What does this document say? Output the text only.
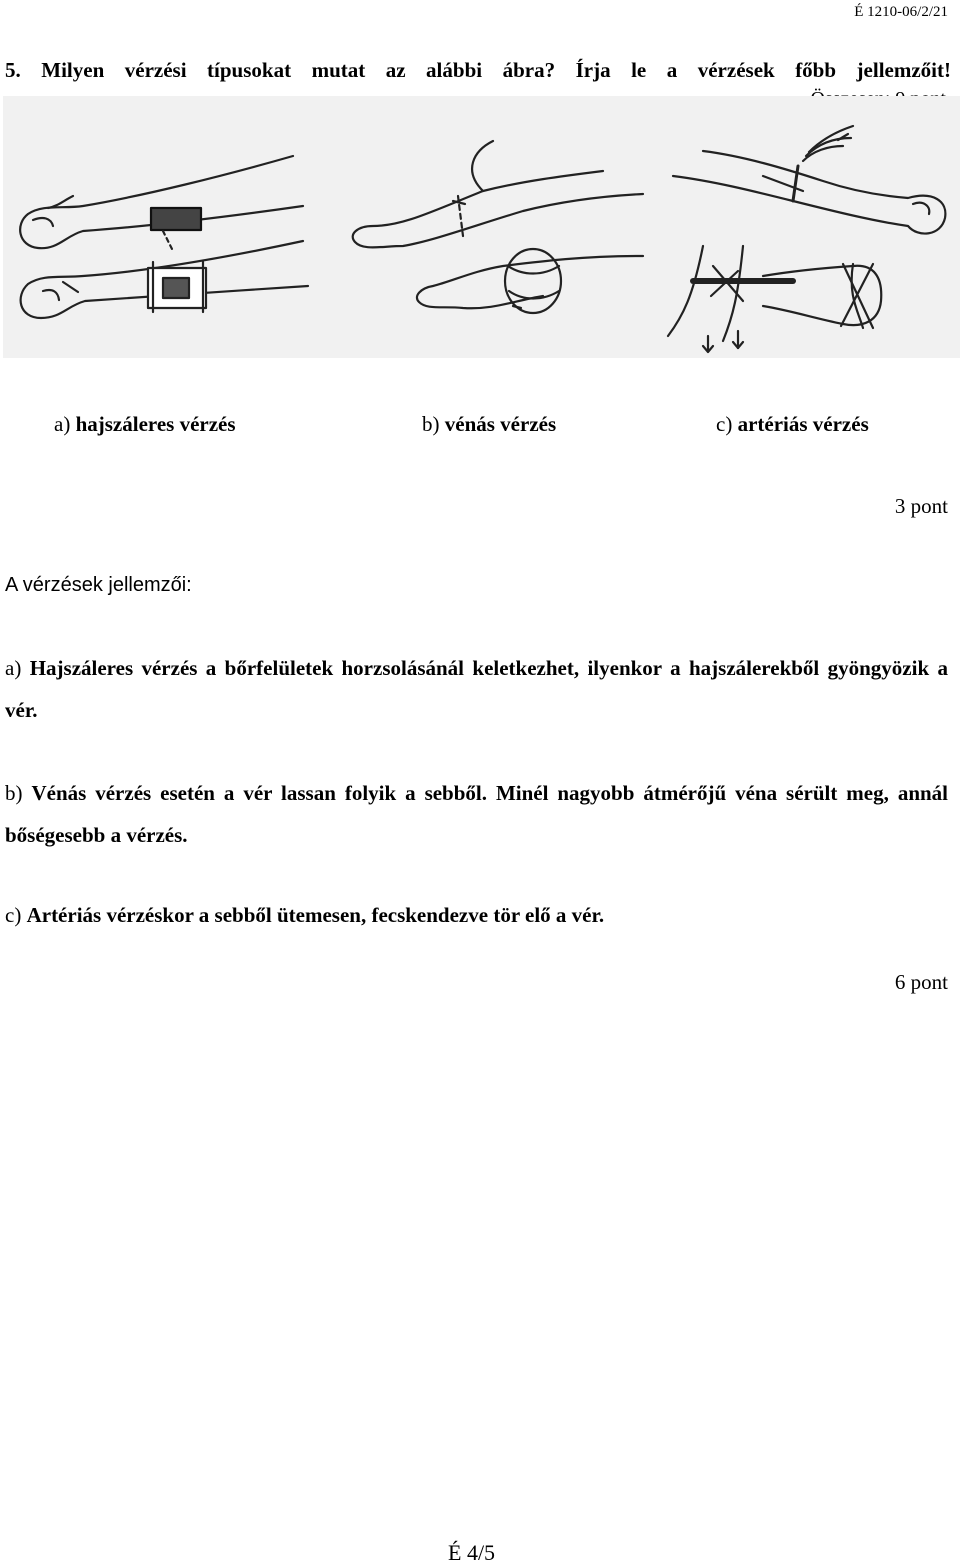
É 1210-06/2/21
5. Milyen vérzési típusokat mutat az alábbi ábra? Írja le a vérzések főbb jellemzőit!
a) hajszáleres vérzés	b) vénás vérzés	c) artériás vérzés
3 pont
A vérzések jellemzői:
a) Hajszáleres vérzés a bőrfelületek horzsolásánál keletkezhet, ilyenkor a hajszálerekből gyöngyözik a vér.
b) Vénás vérzés esetén a vér lassan folyik a sebből. Minél nagyobb átmérőjű véna sérült meg, annál bőségesebb a vérzés.
c) Artériás vérzéskor a sebből ütemesen, fecskendezve tör elő a vér.
6 pont
É 4/5
